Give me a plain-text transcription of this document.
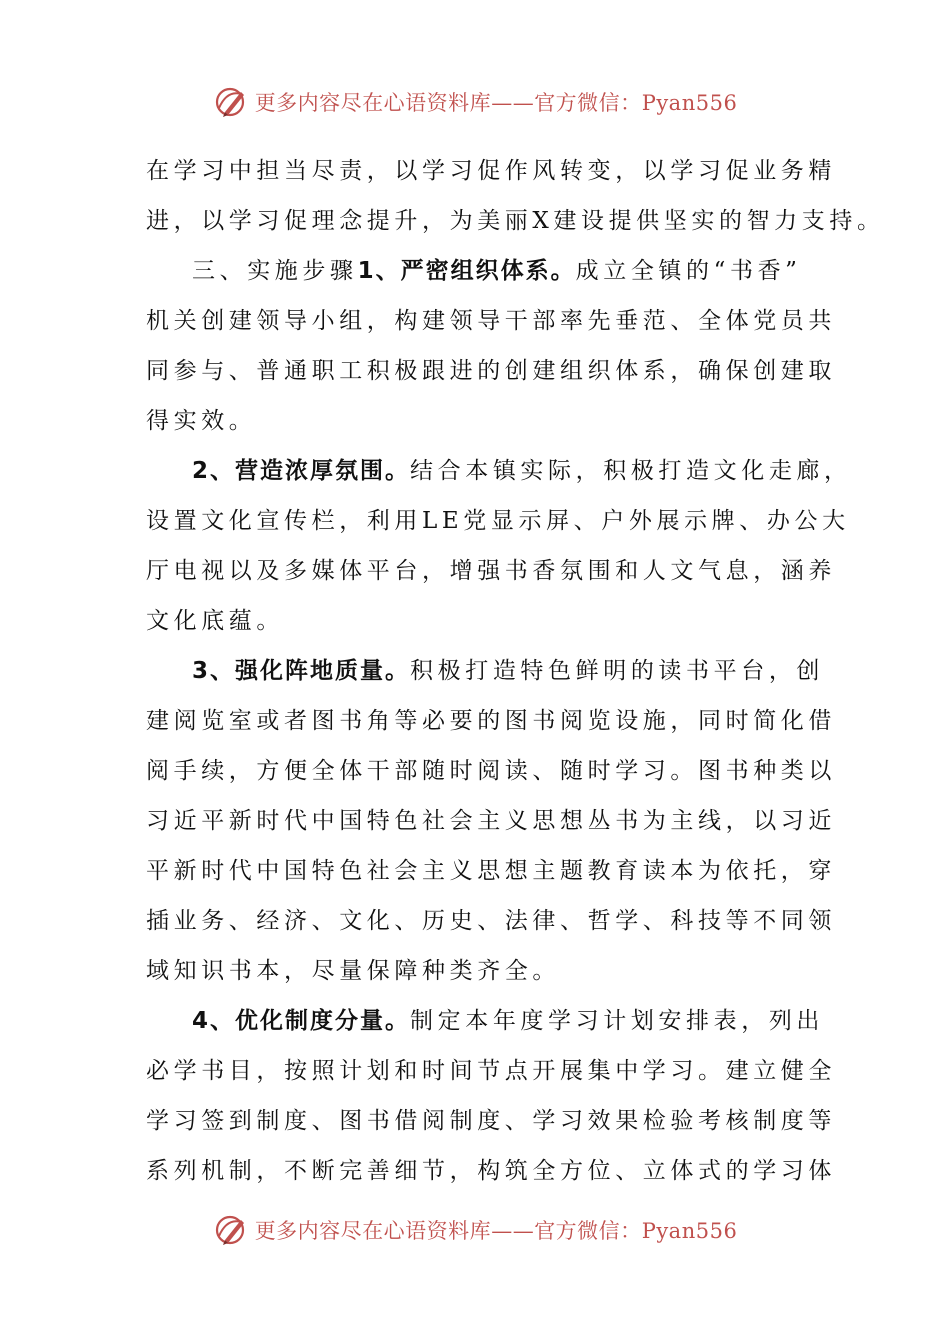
更多内容尽在心语资料库——官方微信：Pyan556
在学习中担当尽责，以学习促作风转变，以学习促业务精
进，以学习促理念提升，为美丽X建设提供坚实的智力支持。
三、实施步骤1、严密组织体系。成立全镇的“书香”
机关创建领导小组，构建领导干部率先垂范、全体党员共
同参与、普通职工积极跟进的创建组织体系，确保创建取
得实效。
2、营造浓厚氛围。结合本镇实际，积极打造文化走廊，
设置文化宣传栏，利用LE党显示屏、户外展示牌、办公大
厅电视以及多媒体平台，增强书香氛围和人文气息，涵养
文化底蕴。
3、强化阵地质量。积极打造特色鲜明的读书平台，创
建阅览室或者图书角等必要的图书阅览设施，同时简化借
阅手续，方便全体干部随时阅读、随时学习。图书种类以
习近平新时代中国特色社会主义思想丛书为主线，以习近
平新时代中国特色社会主义思想主题教育读本为依托，穿
插业务、经济、文化、历史、法律、哲学、科技等不同领
域知识书本，尽量保障种类齐全。
4、优化制度分量。制定本年度学习计划安排表，列出
必学书目，按照计划和时间节点开展集中学习。建立健全
学习签到制度、图书借阅制度、学习效果检验考核制度等
系列机制，不断完善细节，构筑全方位、立体式的学习体
更多内容尽在心语资料库——官方微信：Pyan556
